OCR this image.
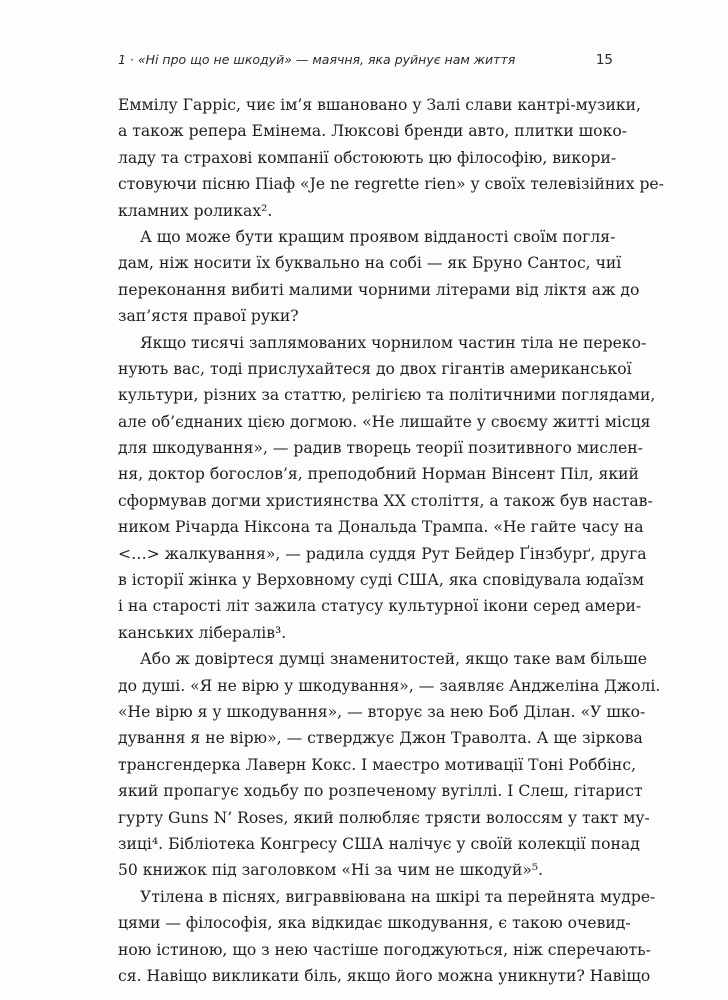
1 · «Ні про що не шкодуй» — маячня, яка руйнує нам життя	15
Еммілу Гарріс, чиє ім’я вшановано у Залі слави кантрі-музики,
а також репера Емінема. Люксові бренди авто, плитки шоко-
ладу та страхові компанії обстоюють цю філософію, викори-
стовуючи пісню Піаф «Je ne regrette rien» у своїх телевізійних ре-
кламних роликах².
А що може бути кращим проявом відданості своїм погля-
дам, ніж носити їх буквально на собі — як Бруно Сантос, чиї
переконання вибиті малими чорними літерами від ліктя аж до
зап’ястя правої руки?
Якщо тисячі заплямованих чорнилом частин тіла не переко-
нують вас, тоді прислухайтеся до двох гігантів американської
культури, різних за статтю, релігією та політичними поглядами,
але об’єднаних цією догмою. «Не лишайте у своєму житті місця
для шкодування», — радив творець теорії позитивного мислен-
ня, доктор богослов’я, преподобний Норман Вінсент Піл, який
сформував догми християнства XX століття, а також був настав-
ником Річарда Ніксона та Дональда Трампа. «Не гайте часу на
<…> жалкування», — радила суддя Рут Бейдер Ґінзбурґ, друга
в історії жінка у Верховному суді США, яка сповідувала юдаїзм
і на старості літ зажила статусу культурної ікони серед амери-
канських лібералів³.
Або ж довіртеся думці знаменитостей, якщо таке вам більше
до душі. «Я не вірю у шкодування», — заявляє Анджеліна Джолі.
«Не вірю я у шкодування», — вторує за нею Боб Ділан. «У шко-
дування я не вірю», — стверджує Джон Траволта. А ще зіркова
трансгендерка Лаверн Кокс. І маестро мотивації Тоні Роббінс,
який пропагує ходьбу по розпеченому вугіллі. І Слеш, гітарист
гурту Guns N’ Roses, який полюбляє трясти волоссям у такт му-
зиці⁴. Бібліотека Конгресу США налічує у своїй колекції понад
50 книжок під заголовком «Ні за чим не шкодуй»⁵.
Утілена в піснях, виграввіювана на шкірі та перейнята мудре-
цями — філософія, яка відкидає шкодування, є такою очевид-
ною істиною, що з нею частіше погоджуються, ніж сперечають-
ся. Навіщо викликати біль, якщо його можна уникнути? Навіщо
